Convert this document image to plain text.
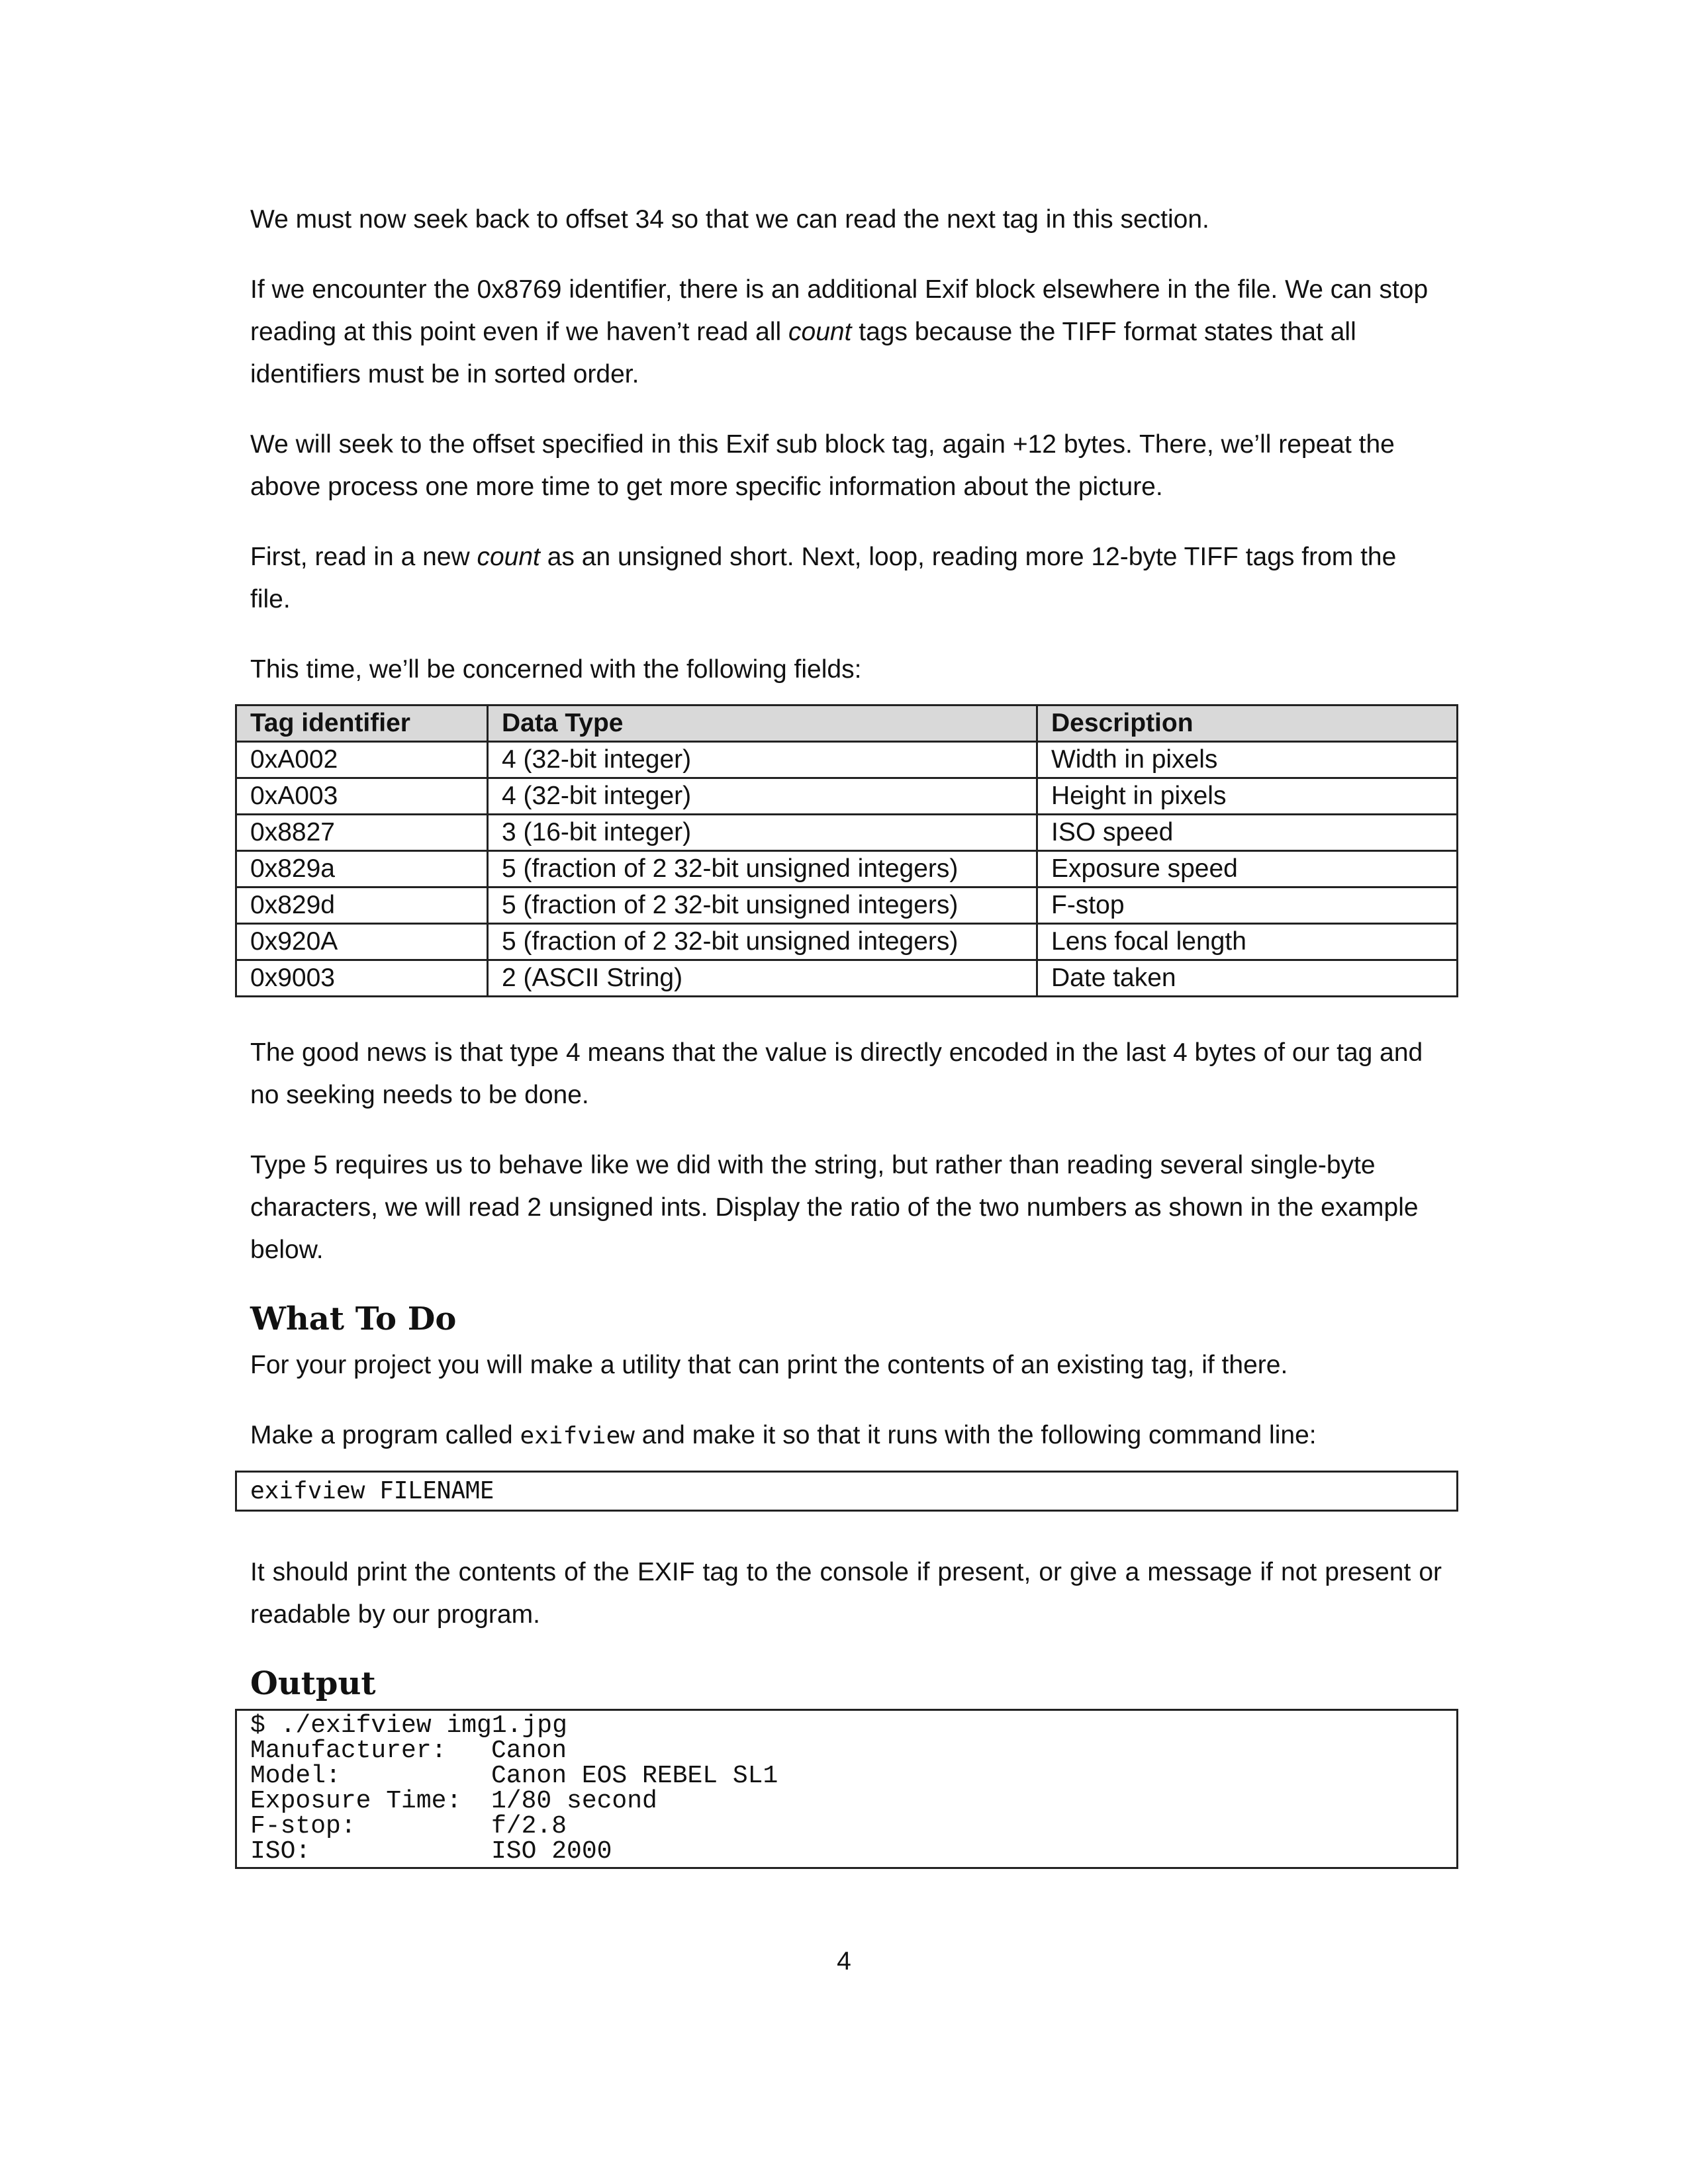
We must now seek back to offset 34 so that we can read the next tag in this section.

If we encounter the 0x8769 identifier, there is an additional Exif block elsewhere in the file. We can stop reading at this point even if we haven’t read all count tags because the TIFF format states that all identifiers must be in sorted order.

We will seek to the offset specified in this Exif sub block tag, again +12 bytes. There, we’ll repeat the above process one more time to get more specific information about the picture.

First, read in a new count as an unsigned short. Next, loop, reading more 12-byte TIFF tags from the file.

This time, we’ll be concerned with the following fields:

Tag identifier	Data Type	Description
0xA002	4 (32-bit integer)	Width in pixels
0xA003	4 (32-bit integer)	Height in pixels
0x8827	3 (16-bit integer)	ISO speed
0x829a	5 (fraction of 2 32-bit unsigned integers)	Exposure speed
0x829d	5 (fraction of 2 32-bit unsigned integers)	F-stop
0x920A	5 (fraction of 2 32-bit unsigned integers)	Lens focal length
0x9003	2 (ASCII String)	Date taken

The good news is that type 4 means that the value is directly encoded in the last 4 bytes of our tag and no seeking needs to be done.

Type 5 requires us to behave like we did with the string, but rather than reading several single-byte characters, we will read 2 unsigned ints. Display the ratio of the two numbers as shown in the example below.

What To Do

For your project you will make a utility that can print the contents of an existing tag, if there.

Make a program called exifview and make it so that it runs with the following command line:

exifview FILENAME

It should print the contents of the EXIF tag to the console if present, or give a message if not present or readable by our program.

Output
$ ./exifview img1.jpg
Manufacturer:	Canon
Model:	Canon EOS REBEL SL1
Exposure Time:	1/80 second
F-stop:	f/2.8
ISO:	ISO 2000
4
